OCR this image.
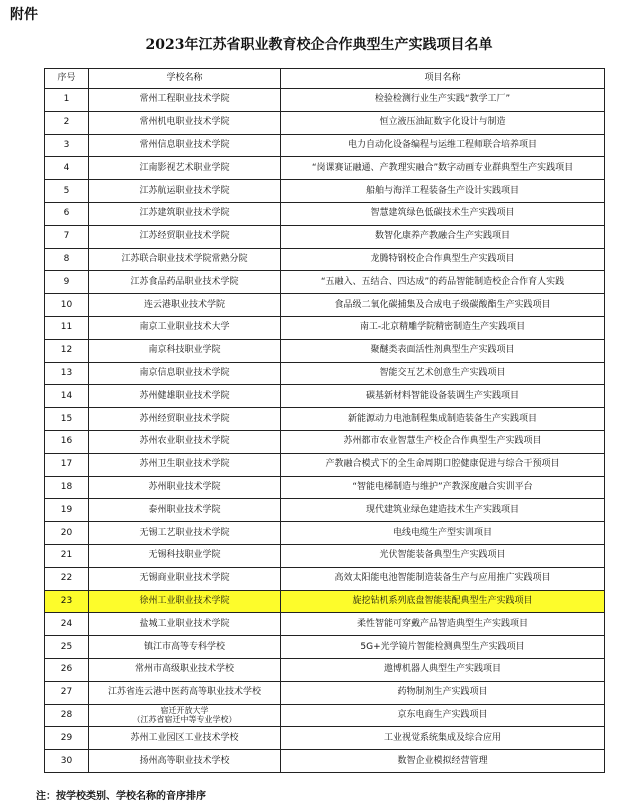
附件
2023年江苏省职业教育校企合作典型生产实践项目名单
序号	学校名称	项目名称
1	常州工程职业技术学院	检验检测行业生产实践“教学工厂”
2	常州机电职业技术学院	恒立液压油缸数字化设计与制造
3	常州信息职业技术学院	电力自动化设备编程与运维工程师联合培养项目
4	江南影视艺术职业学院	“岗课赛证融通、产教理实融合”数字动画专业群典型生产实践项目
5	江苏航运职业技术学院	船舶与海洋工程装备生产设计实践项目
6	江苏建筑职业技术学院	智慧建筑绿色低碳技术生产实践项目
7	江苏经贸职业技术学院	数智化康养产教融合生产实践项目
8	江苏联合职业技术学院常熟分院	龙腾特钢校企合作典型生产实践项目
9	江苏食品药品职业技术学院	“五融入、五结合、四达成”的药品智能制造校企合作育人实践
10	连云港职业技术学院	食品级二氧化碳捕集及合成电子级碳酸酯生产实践项目
11	南京工业职业技术大学	南工-北京精雕学院精密制造生产实践项目
12	南京科技职业学院	聚醚类表面活性剂典型生产实践项目
13	南京信息职业技术学院	智能交互艺术创意生产实践项目
14	苏州健雄职业技术学院	碳基新材料智能设备装调生产实践项目
15	苏州经贸职业技术学院	新能源动力电池制程集成制造装备生产实践项目
16	苏州农业职业技术学院	苏州都市农业智慧生产校企合作典型生产实践项目
17	苏州卫生职业技术学院	产教融合模式下的全生命周期口腔健康促进与综合干预项目
18	苏州职业技术学院	“智能电梯制造与维护”产教深度融合实训平台
19	泰州职业技术学院	现代建筑业绿色建造技术生产实践项目
20	无锡工艺职业技术学院	电线电缆生产型实训项目
21	无锡科技职业学院	光伏智能装备典型生产实践项目
22	无锡商业职业技术学院	高效太阳能电池智能制造装备生产与应用推广实践项目
23	徐州工业职业技术学院	旋挖钻机系列底盘智能装配典型生产实践项目
24	盐城工业职业技术学院	柔性智能可穿戴产品智造典型生产实践项目
25	镇江市高等专科学校	5G+光学镜片智能检测典型生产实践项目
26	常州市高级职业技术学校	遨博机器人典型生产实践项目
27	江苏省连云港中医药高等职业技术学校	药物制剂生产实践项目
28	宿迁开放大学
（江苏省宿迁中等专业学校）	京东电商生产实践项目
29	苏州工业园区工业技术学校	工业视觉系统集成及综合应用
30	扬州高等职业技术学校	数智企业模拟经营管理
注：按学校类别、学校名称的音序排序
